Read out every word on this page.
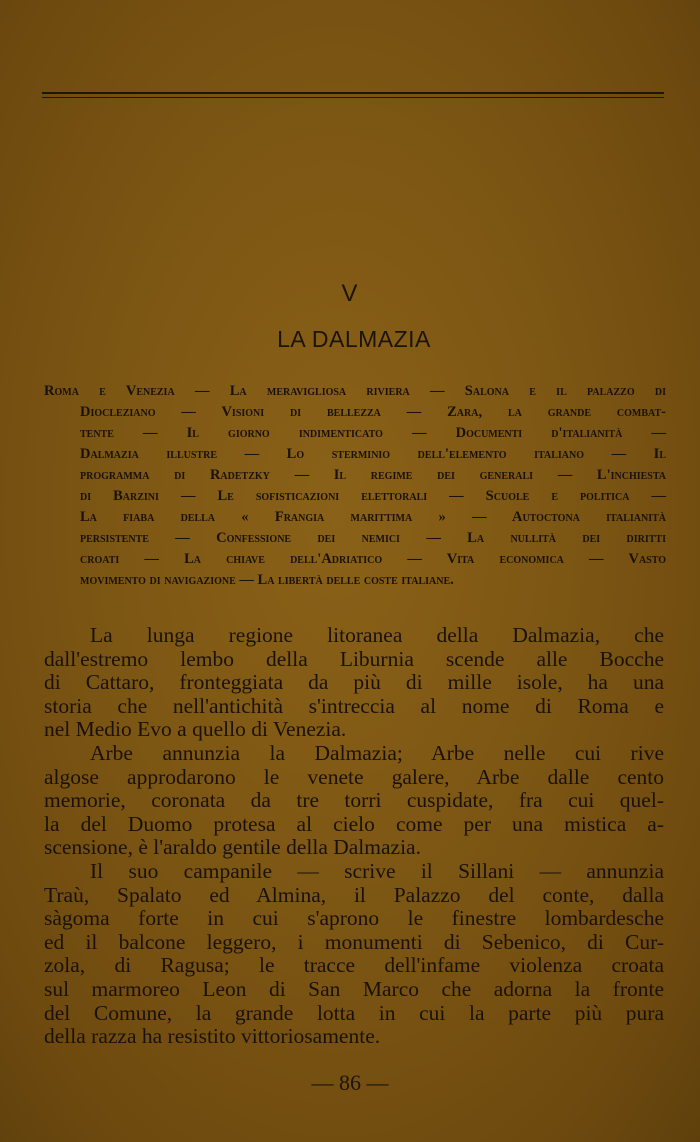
V
LA DALMAZIA
Roma e Venezia — La meravigliosa riviera — Salona e il palazzo di
Diocleziano — Visioni di bellezza — Zara, la grande combat-
tente — Il giorno indimenticato — Documenti d'italianità —
Dalmazia illustre — Lo sterminio dell'elemento italiano — Il
programma di Radetzky — Il regime dei generali — L'inchiesta
di Barzini — Le sofisticazioni elettorali — Scuole e politica —
La fiaba della « Frangia marittima » — Autoctona italianità
persistente — Confessione dei nemici — La nullità dei diritti
croati — La chiave dell'Adriatico — Vita economica — Vasto
movimento di navigazione — La libertà delle coste italiane.
La lunga regione litoranea della Dalmazia, che
dall'estremo lembo della Liburnia scende alle Bocche
di Cattaro, fronteggiata da più di mille isole, ha una
storia che nell'antichità s'intreccia al nome di Roma e
nel Medio Evo a quello di Venezia.
Arbe annunzia la Dalmazia; Arbe nelle cui rive
algose approdarono le venete galere, Arbe dalle cento
memorie, coronata da tre torri cuspidate, fra cui quel-
la del Duomo protesa al cielo come per una mistica a-
scensione, è l'araldo gentile della Dalmazia.
Il suo campanile — scrive il Sillani — annunzia
Traù, Spalato ed Almina, il Palazzo del conte, dalla
sàgoma forte in cui s'aprono le finestre lombardesche
ed il balcone leggero, i monumenti di Sebenico, di Cur-
zola, di Ragusa; le tracce dell'infame violenza croata
sul marmoreo Leon di San Marco che adorna la fronte
del Comune, la grande lotta in cui la parte più pura
della razza ha resistito vittoriosamente.
— 86 —
